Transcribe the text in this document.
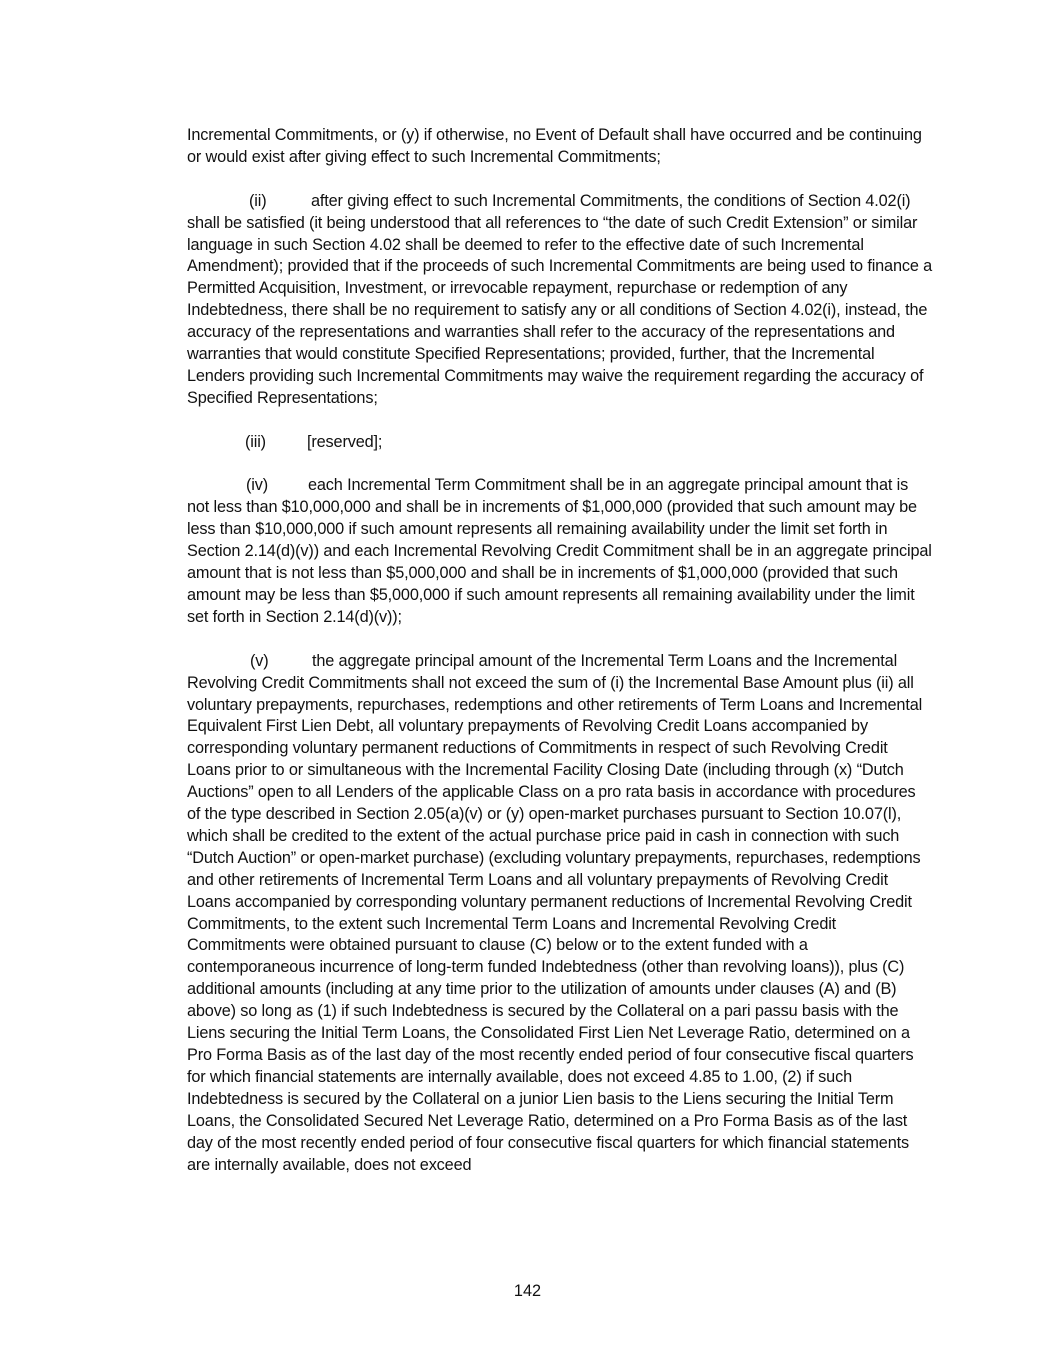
Incremental Commitments, or (y) if otherwise, no Event of Default shall have occurred and be continuing or would exist after giving effect to such Incremental Commitments;

(ii)	after giving effect to such Incremental Commitments, the conditions of Section 4.02(i) shall be satisfied (it being understood that all references to “the date of such Credit Extension” or similar language in such Section 4.02 shall be deemed to refer to the effective date of such Incremental Amendment); provided that if the proceeds of such Incremental Commitments are being used to finance a Permitted Acquisition, Investment, or irrevocable repayment, repurchase or redemption of any Indebtedness, there shall be no requirement to satisfy any or all conditions of Section 4.02(i), instead, the accuracy of the representations and warranties shall refer to the accuracy of the representations and warranties that would constitute Specified Representations; provided, further, that the Incremental Lenders providing such Incremental Commitments may waive the requirement regarding the accuracy of Specified Representations;

(iii)	[reserved];

(iv) each Incremental Term Commitment shall be in an aggregate principal amount that is not less than $10,000,000 and shall be in increments of $1,000,000 (provided that such amount may be less than $10,000,000 if such amount represents all remaining availability under the limit set forth in Section 2.14(d)(v)) and each Incremental Revolving Credit Commitment shall be in an aggregate principal amount that is not less than $5,000,000 and shall be in increments of $1,000,000 (provided that such amount may be less than $5,000,000 if such amount represents all remaining availability under the limit set forth in Section 2.14(d)(v));

(v)	the aggregate principal amount of the Incremental Term Loans and the Incremental Revolving Credit Commitments shall not exceed the sum of (i) the Incremental Base Amount plus (ii) all voluntary prepayments, repurchases, redemptions and other retirements of Term Loans and Incremental Equivalent First Lien Debt, all voluntary prepayments of Revolving Credit Loans accompanied by corresponding voluntary permanent reductions of Commitments in respect of such Revolving Credit Loans prior to or simultaneous with the Incremental Facility Closing Date (including through (x) “Dutch Auctions” open to all Lenders of the applicable Class on a pro rata basis in accordance with procedures of the type described in Section 2.05(a)(v) or (y) open-market purchases pursuant to Section 10.07(l), which shall be credited to the extent of the actual purchase price paid in cash in connection with such “Dutch Auction” or open-market purchase) (excluding voluntary prepayments, repurchases, redemptions and other retirements of Incremental Term Loans and all voluntary prepayments of Revolving Credit Loans accompanied by corresponding voluntary permanent reductions of Incremental Revolving Credit Commitments, to the extent such Incremental Term Loans and Incremental Revolving Credit Commitments were obtained pursuant to clause (C) below or to the extent funded with a contemporaneous incurrence of long-term funded Indebtedness (other than revolving loans)), plus (C) additional amounts (including at any time prior to the utilization of amounts under clauses (A) and (B) above) so long as (1) if such Indebtedness is secured by the Collateral on a pari passu basis with the Liens securing the Initial Term Loans, the Consolidated First Lien Net Leverage Ratio, determined on a Pro Forma Basis as of the last day of the most recently ended period of four consecutive fiscal quarters for which financial statements are internally available, does not exceed 4.85 to 1.00, (2) if such Indebtedness is secured by the Collateral on a junior Lien basis to the Liens securing the Initial Term Loans, the Consolidated Secured Net Leverage Ratio, determined on a Pro Forma Basis as of the last day of the most recently ended period of four consecutive fiscal quarters for which financial statements are internally available, does not exceed

142
